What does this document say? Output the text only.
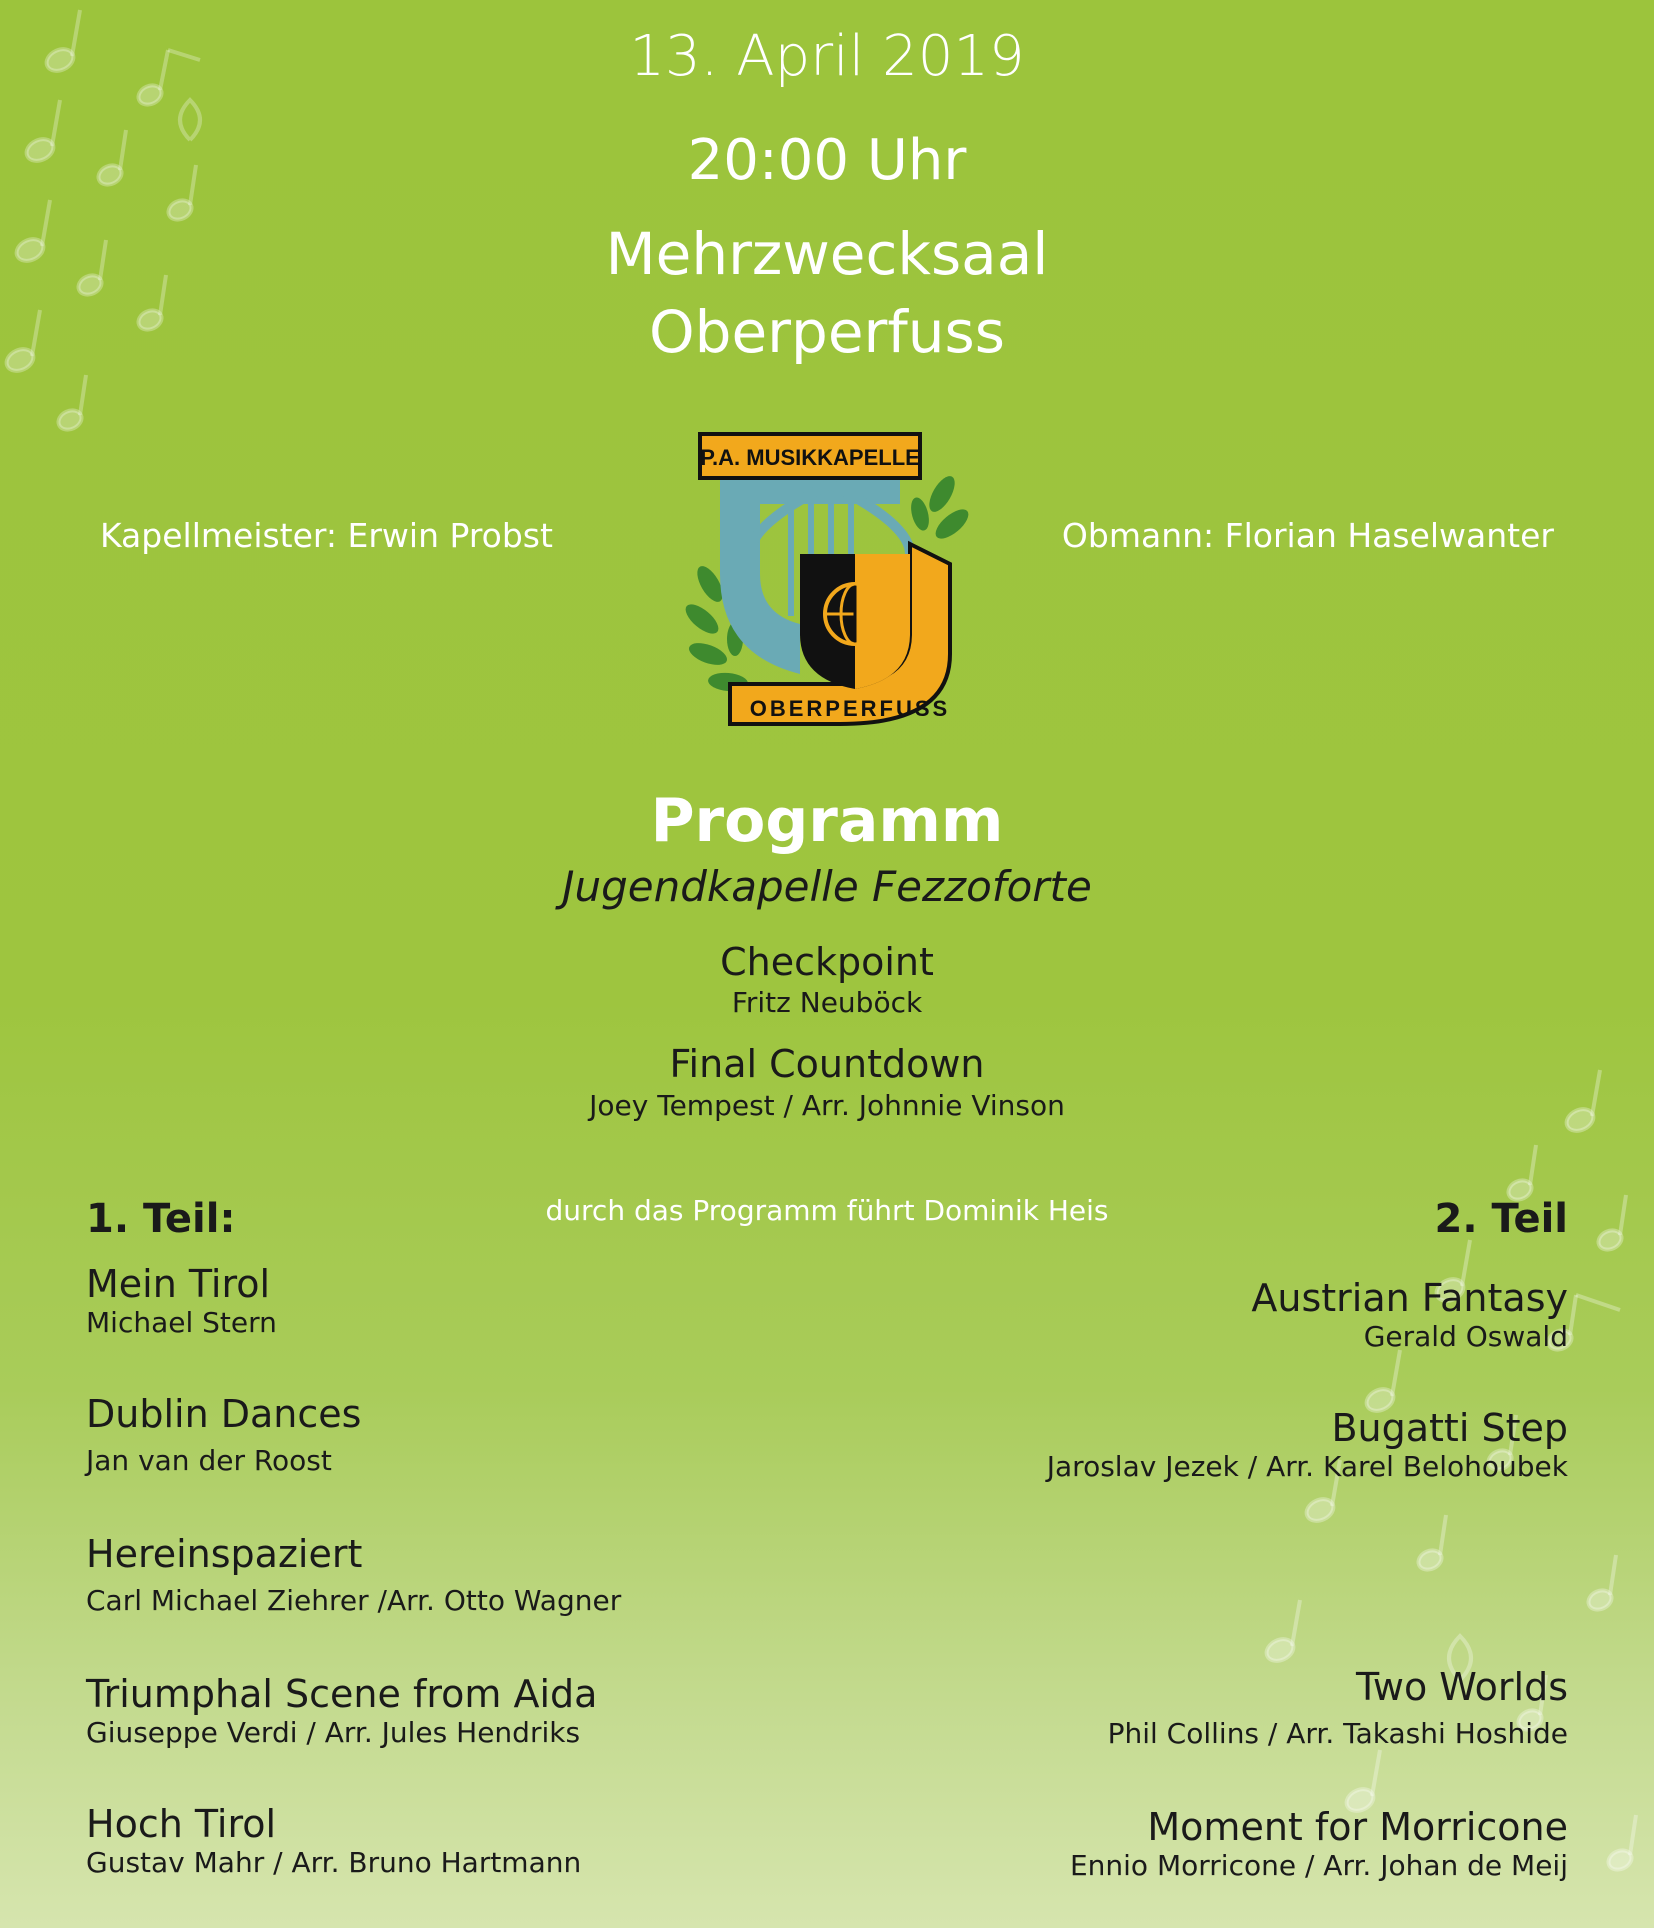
13. April 2019
20:00 Uhr
Mehrzwecksaal
Oberperfuss
Kapellmeister: Erwin Probst	Obmann: Florian Haselwanter
P.A. MUSIKKAPELLE
OBERPERFUSS
Programm
Jugendkapelle Fezzoforte
Checkpoint
Fritz Neuböck
Final Countdown
Joey Tempest / Arr. Johnnie Vinson
durch das Programm führt Dominik Heis
1. Teil:	2. Teil
Mein Tirol
Michael Stern
Dublin Dances
Jan van der Roost
Hereinspaziert
Carl Michael Ziehrer /Arr. Otto Wagner
Triumphal Scene from Aida
Giuseppe Verdi / Arr. Jules Hendriks
Hoch Tirol
Gustav Mahr / Arr. Bruno Hartmann
Austrian Fantasy
Gerald Oswald
Bugatti Step
Jaroslav Jezek / Arr. Karel Belohoubek
Two Worlds
Phil Collins / Arr. Takashi Hoshide
Moment for Morricone
Ennio Morricone / Arr. Johan de Meij
